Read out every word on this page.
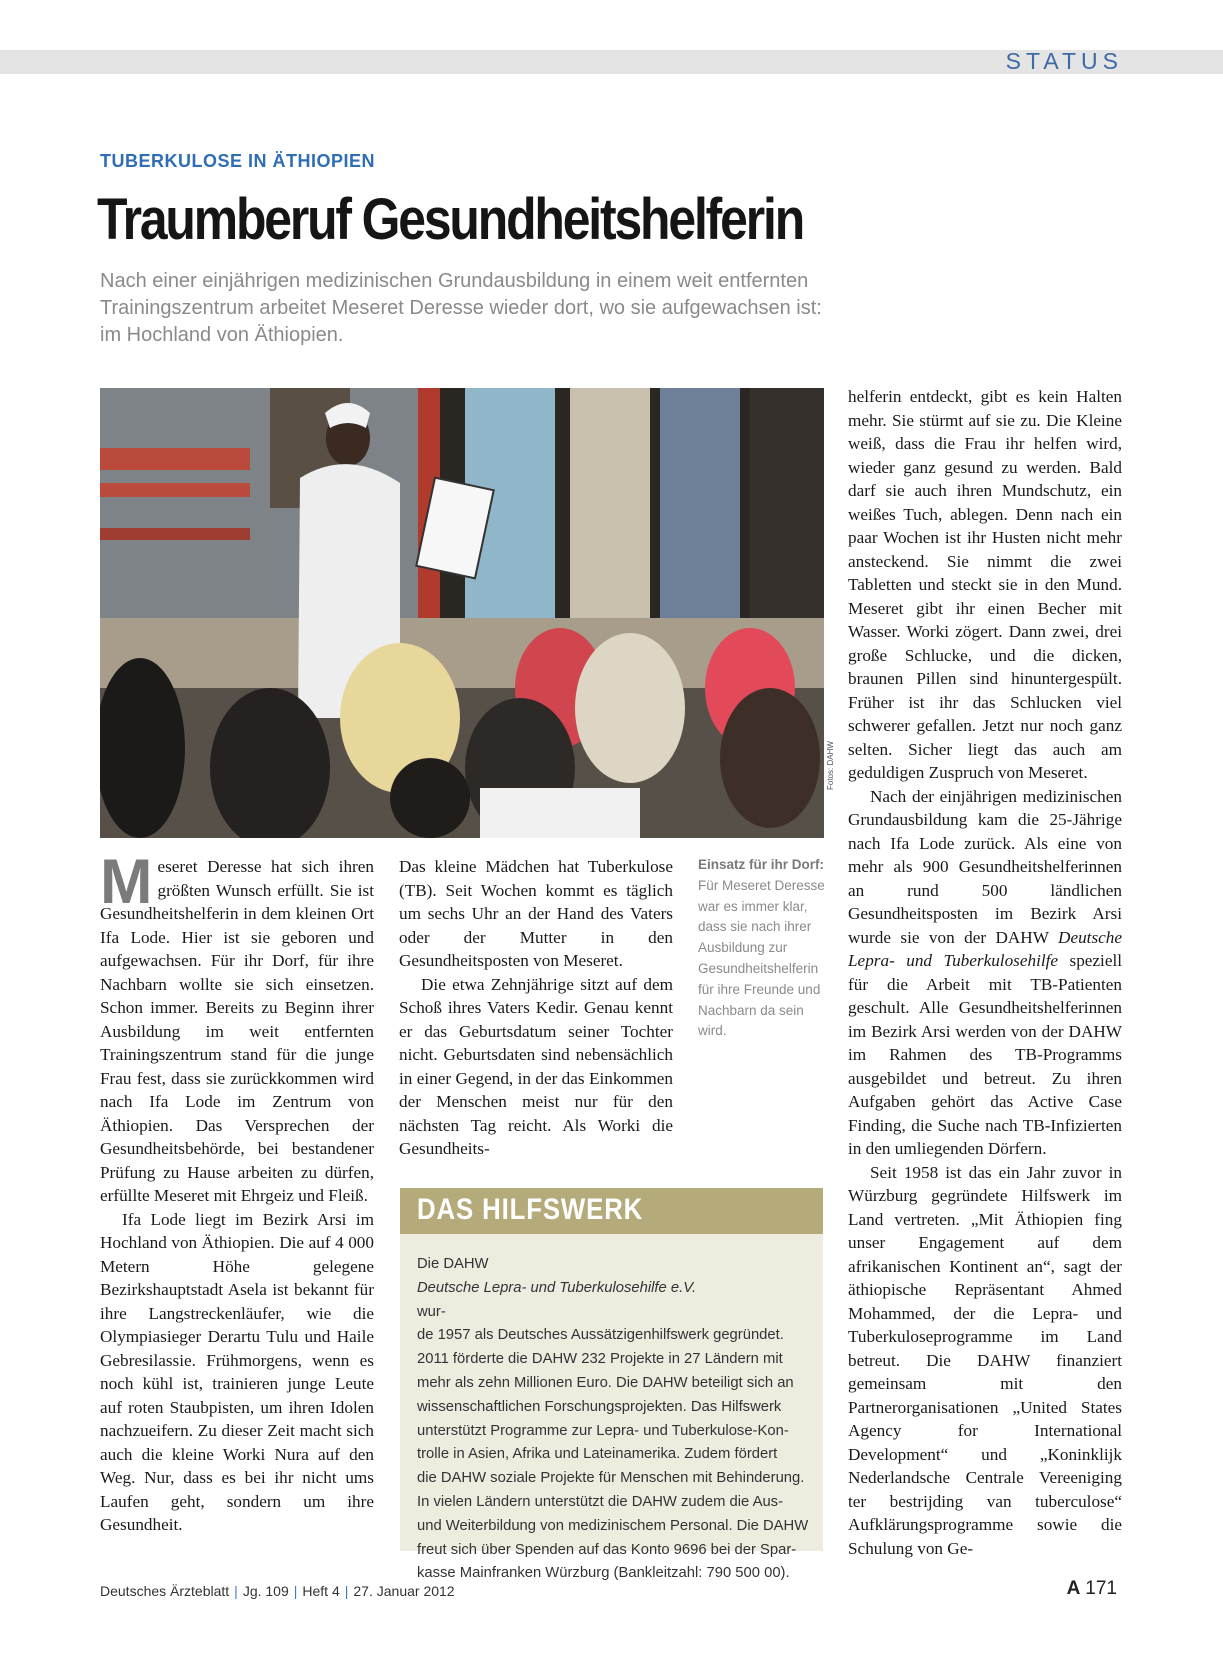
STATUS
TUBERKULOSE IN ÄTHIOPIEN
Traumberuf Gesundheitshelferin
Nach einer einjährigen medizinischen Grundausbildung in einem weit entfernten
Trainingszentrum arbeitet Meseret Deresse wieder dort, wo sie aufgewachsen ist:
im Hochland von Äthiopien.
Fotos: DAHW

Meseret Deresse hat sich ihren größten Wunsch erfüllt. Sie ist Gesundheitshelferin in dem kleinen Ort Ifa Lode. Hier ist sie geboren und aufgewachsen. Für ihr Dorf, für ihre Nachbarn wollte sie sich einsetzen. Schon immer. Bereits zu Beginn ihrer Ausbildung im weit entfernten Trainingszentrum stand für die junge Frau fest, dass sie zurückkommen wird nach Ifa Lode im Zentrum von Äthiopien. Das Versprechen der Gesundheitsbehörde, bei bestandener Prüfung zu Hause arbeiten zu dürfen, erfüllte Meseret mit Ehrgeiz und Fleiß.

Ifa Lode liegt im Bezirk Arsi im Hochland von Äthiopien. Die auf 4 000 Metern Höhe gelegene Bezirkshauptstadt Asela ist bekannt für ihre Langstreckenläufer, wie die Olympiasieger Derartu Tulu und Haile Gebresilassie. Frühmorgens, wenn es noch kühl ist, trainieren junge Leute auf roten Staubpisten, um ihren Idolen nachzueifern. Zu dieser Zeit macht sich auch die kleine Worki Nura auf den Weg. Nur, dass es bei ihr nicht ums Laufen geht, sondern um ihre Gesundheit.

Das kleine Mädchen hat Tuberkulose (TB). Seit Wochen kommt es täglich um sechs Uhr an der Hand des Vaters oder der Mutter in den Gesundheitsposten von Meseret.

Die etwa Zehnjährige sitzt auf dem Schoß ihres Vaters Kedir. Genau kennt er das Geburtsdatum seiner Tochter nicht. Geburtsdaten sind nebensächlich in einer Gegend, in der das Einkommen der Menschen meist nur für den nächsten Tag reicht. Als Worki die Gesundheits-

Einsatz für ihr Dorf: Für Meseret Deresse war es immer klar, dass sie nach ihrer Ausbildung zur Gesundheitshelferin für ihre Freunde und Nachbarn da sein wird.

helferin entdeckt, gibt es kein Halten mehr. Sie stürmt auf sie zu. Die Kleine weiß, dass die Frau ihr helfen wird, wieder ganz gesund zu werden. Bald darf sie auch ihren Mundschutz, ein weißes Tuch, ablegen. Denn nach ein paar Wochen ist ihr Husten nicht mehr ansteckend. Sie nimmt die zwei Tabletten und steckt sie in den Mund. Meseret gibt ihr einen Becher mit Wasser. Worki zögert. Dann zwei, drei große Schlucke, und die dicken, braunen Pillen sind hinuntergespült. Früher ist ihr das Schlucken viel schwerer gefallen. Jetzt nur noch ganz selten. Sicher liegt das auch am geduldigen Zuspruch von Meseret.

Nach der einjährigen medizinischen Grundausbildung kam die 25-Jährige nach Ifa Lode zurück. Als eine von mehr als 900 Gesundheitshelferinnen an rund 500 ländlichen Gesundheitsposten im Bezirk Arsi wurde sie von der DAHW Deutsche Lepra- und Tuberkulosehilfe speziell für die Arbeit mit TB-Patienten geschult. Alle Gesundheitshelferinnen im Bezirk Arsi werden von der DAHW im Rahmen des TB-Programms ausgebildet und betreut. Zu ihren Aufgaben gehört das Active Case Finding, die Suche nach TB-Infizierten in den umliegenden Dörfern.

Seit 1958 ist das ein Jahr zuvor in Würzburg gegründete Hilfswerk im Land vertreten. „Mit Äthiopien fing unser Engagement auf dem afrikanischen Kontinent an“, sagt der äthiopische Repräsentant Ahmed Mohammed, der die Lepra- und Tuberkuloseprogramme im Land betreut. Die DAHW finanziert gemeinsam mit den Partnerorganisationen „United States Agency for International Development“ und „Koninklijk Nederlandsche Centrale Vereeniging ter bestrijding van tuberculose“ Aufklärungsprogramme sowie die Schulung von Ge-

DAS HILFSWERK
Die DAHW
Deutsche Lepra- und Tuberkulosehilfe e.V.
wur-
de 1957 als Deutsches Aussätzigenhilfswerk gegründet.
2011 förderte die DAHW 232 Projekte in 27 Ländern mit
mehr als zehn Millionen Euro. Die DAHW beteiligt sich an
wissenschaftlichen Forschungsprojekten. Das Hilfswerk
unterstützt Programme zur Lepra- und Tuberkulose-Kon-
trolle in Asien, Afrika und Lateinamerika. Zudem fördert
die DAHW soziale Projekte für Menschen mit Behinderung.
In vielen Ländern unterstützt die DAHW zudem die Aus-
und Weiterbildung von medizinischem Personal. Die DAHW
freut sich über Spenden auf das Konto 9696 bei der Spar-
kasse Mainfranken Würzburg (Bankleitzahl: 790 500 00).
Deutsches Ärzteblatt | Jg. 109 | Heft 4 | 27. Januar 2012	A 171
